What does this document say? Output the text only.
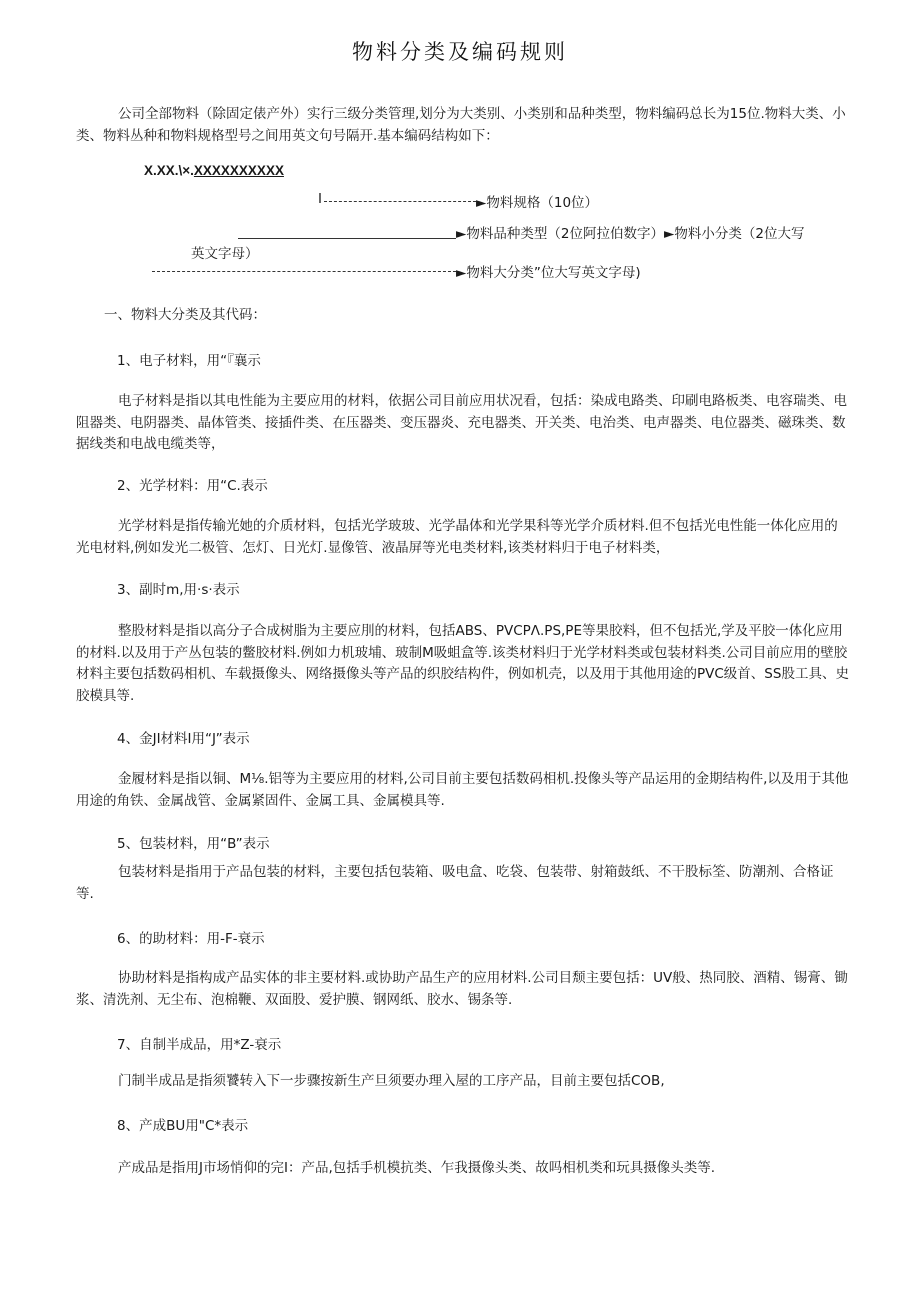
物料分类及编码规则
公司全部物料（除固定俵产外）实行三级分类管理,划分为大类别、小类别和品种类型，物料编码总长为15位.物料大类、小类、物料丛种和物料规格型号之间用英文句号隔开.基本编码结构如下：
X.XX.\×.XXXXXXXXXX
I	►物料规格（10位）
►物料品种类型（2位阿拉伯数字）►物料小分类（2位大写
英文字母）
►物料大分类”位大写英文字母)
一、物料大分类及其代码：
1、电子材料，用“『襄示
电子材料是指以其电性能为主要应用的材料，依据公司目前应用状况看，包括：染成电路类、印刷电路板类、电容瑞类、电阻器类、电阴器类、晶体管类、接插件类、在压器类、变压器炎、充电器类、开关类、电治类、电声器类、电位器类、磁珠类、数据线类和电战电缆类等，
2、光学材料：用“C.表示
光学材料是指传输光她的介质材料，包括光学玻玻、光学晶体和光学果科等光学介质材料.但不包括光电性能一体化应用的光电材料,例如发光二极管、怎灯、日光灯.显像管、液晶屏等光电类材料,该类材料归于电子材料类，
3、副时m,用·s·表示
整股材料是指以高分子合成树脂为主要应刖的材料，包括ABS、PVCPΛ.PS,PE等果胶料，但不包括光,学及平胶一体化应用的材料.以及用于产丛包装的鳖胶材料.例如力机玻埔、玻制M吸蛆盒等.该类材料归于光学材料类或包装材料类.公司目前应用的壁胶材料主要包括数码相机、车载摄像头、网络摄像头等产品的织胶结构件，例如机壳，以及用于其他用途的PVC级首、SS股工具、史胶模具等.
4、金JI材料I用“J”表示
金履材料是指以铜、M⅛.铝等为主要应用的材料,公司目前主要包括数码相机.投像头等产品运用的金期结构件,以及用于其他用途的角铁、金属战管、金属紧固件、金属工具、金属模具等.
5、包装材料，用“B”表示
包装材料是指用于产品包装的材料，主要包括包装箱、吸电盒、吃袋、包装带、射箱鼓纸、不干股标筌、防潮剂、合格证等.
6、的助材料：用-F-衰示
协助材料是指构成产品实体的非主要材料.或协助产品生产的应用材料.公司目颓主要包括：UV般、热同胶、酒精、锡膏、锄浆、清洗剂、无尘布、泡棉鞭、双面股、爱护膜、钢网纸、胶水、锡条等.
7、自制半成品，用*Z-衰示
门制半成品是指须饕转入下一步骤按新生产旦须要办理入屋的工序产品，目前主要包括COB,
8、产成BU用"C*表示
产成品是指用J市场悄仰的完I：产品,包括手机模抗类、乍我摄像头类、故吗相机类和玩具摄像头类等.
